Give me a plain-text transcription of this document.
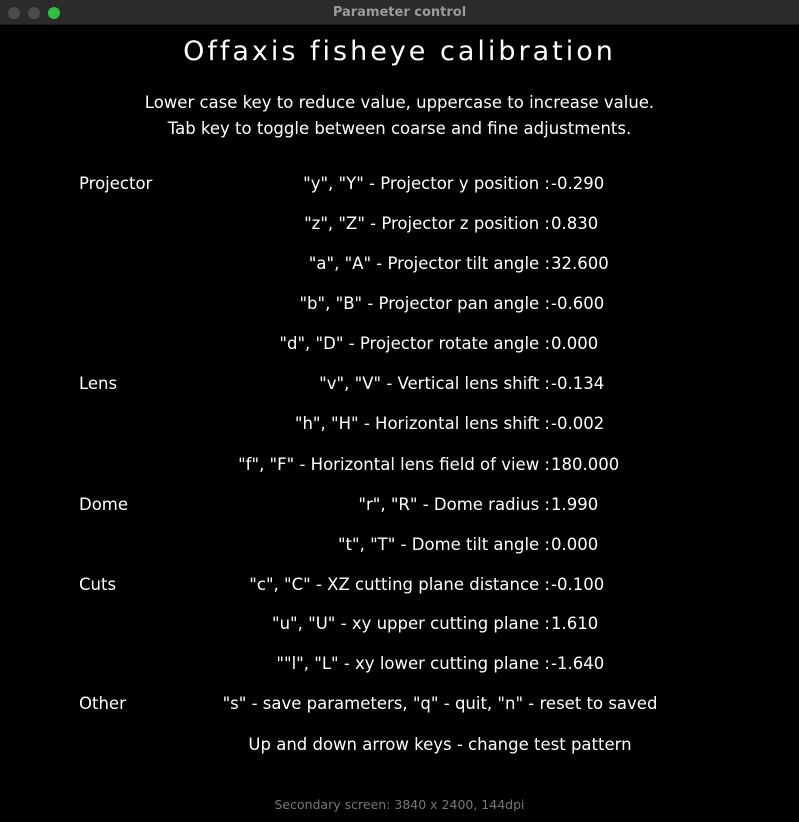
Parameter control
Offaxis fisheye calibration
Lower case key to reduce value, uppercase to increase value.
Tab key to toggle between coarse and fine adjustments.
Projector	"y", "Y" - Projector y position : -0.290
"z", "Z" - Projector z position : 0.830
"a", "A" - Projector tilt angle : 32.600
"b", "B" - Projector pan angle : -0.600
"d", "D" - Projector rotate angle : 0.000
Lens	"v", "V" - Vertical lens shift : -0.134
"h", "H" - Horizontal lens shift : -0.002
"f", "F" - Horizontal lens field of view : 180.000
Dome	"r", "R" - Dome radius : 1.990
"t", "T" - Dome tilt angle : 0.000
Cuts	"c", "C" - XZ cutting plane distance : -0.100
"u", "U" - xy upper cutting plane : 1.610
""l", "L" - xy lower cutting plane : -1.640
Other	"s" - save parameters, "q" - quit, "n" - reset to saved
Up and down arrow keys - change test pattern
Secondary screen: 3840 x 2400, 144dpi
